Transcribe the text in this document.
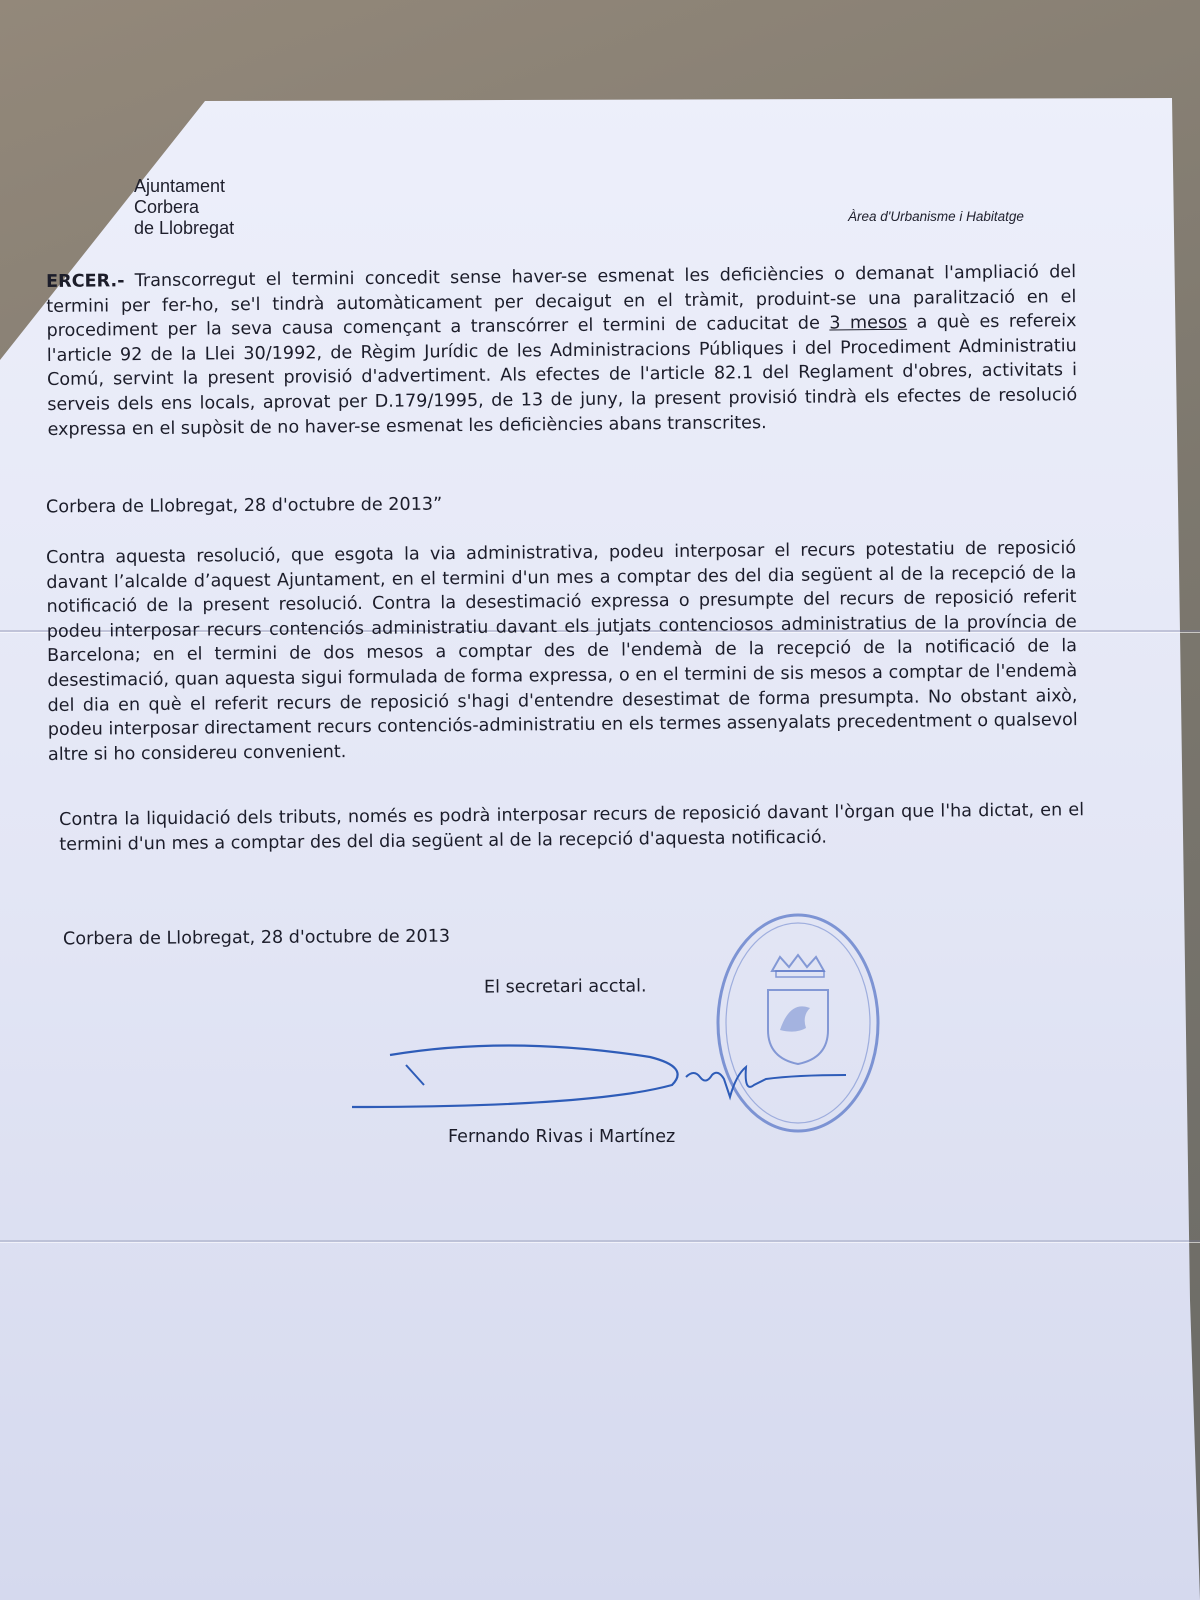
Ajuntament
Corbera
de Llobregat
Àrea d'Urbanisme i Habitatge
ERCER.- Transcorregut el termini concedit sense haver-se esmenat les deficiències o demanat l'ampliació del termini per fer-ho, se'l tindrà automàticament per decaigut en el tràmit, produint-se una paralització en el procediment per la seva causa començant a transcórrer el termini de caducitat de 3 mesos a què es refereix l'article 92 de la Llei 30/1992, de Règim Jurídic de les Administracions Públiques i del Procediment Administratiu Comú, servint la present provisió d'advertiment. Als efectes de l'article 82.1 del Reglament d'obres, activitats i serveis dels ens locals, aprovat per D.179/1995, de 13 de juny, la present provisió tindrà els efectes de resolució expressa en el supòsit de no haver-se esmenat les deficiències abans transcrites.
Corbera de Llobregat, 28 d'octubre de 2013”
Contra aquesta resolució, que esgota la via administrativa, podeu interposar el recurs potestatiu de reposició davant l’alcalde d’aquest Ajuntament, en el termini d'un mes a comptar des del dia següent al de la recepció de la notificació de la present resolució. Contra la desestimació expressa o presumpte del recurs de reposició referit podeu interposar recurs contenciós administratiu davant els jutjats contenciosos administratius de la província de Barcelona; en el termini de dos mesos a comptar des de l'endemà de la recepció de la notificació de la desestimació, quan aquesta sigui formulada de forma expressa, o en el termini de sis mesos a comptar de l'endemà del dia en què el referit recurs de reposició s'hagi d'entendre desestimat de forma presumpta. No obstant això, podeu interposar directament recurs contenciós-administratiu en els termes assenyalats precedentment o qualsevol altre si ho considereu convenient.
Contra la liquidació dels tributs, només es podrà interposar recurs de reposició davant l'òrgan que l'ha dictat, en el termini d'un mes a comptar des del dia següent al de la recepció d'aquesta notificació.
Corbera de Llobregat, 28 d'octubre de 2013
El secretari acctal.
Fernando Rivas i Martínez
